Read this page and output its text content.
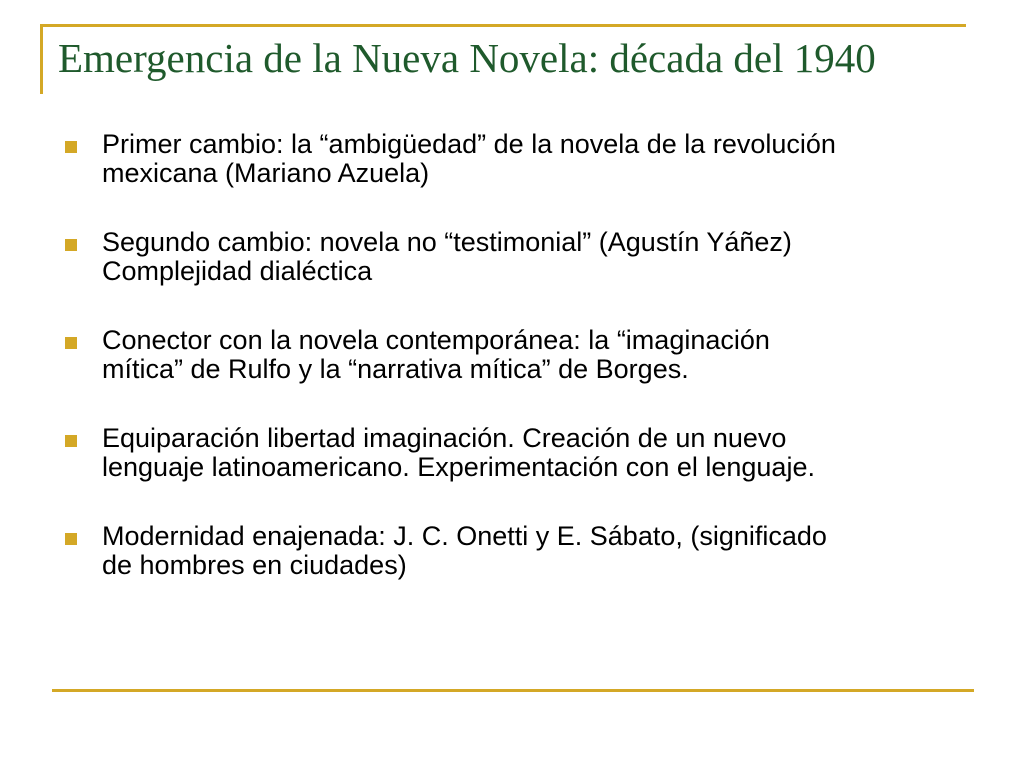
Emergencia de la Nueva Novela: década del 1940
Primer cambio: la “ambigüedad” de la novela de la revolución
mexicana (Mariano Azuela)
Segundo cambio: novela no “testimonial” (Agustín Yáñez)
Complejidad dialéctica
Conector con la novela contemporánea: la “imaginación
mítica” de Rulfo y la “narrativa mítica” de Borges.
Equiparación libertad imaginación. Creación de un nuevo
lenguaje latinoamericano. Experimentación con el lenguaje.
Modernidad enajenada: J. C. Onetti y E. Sábato, (significado
de hombres en ciudades)
